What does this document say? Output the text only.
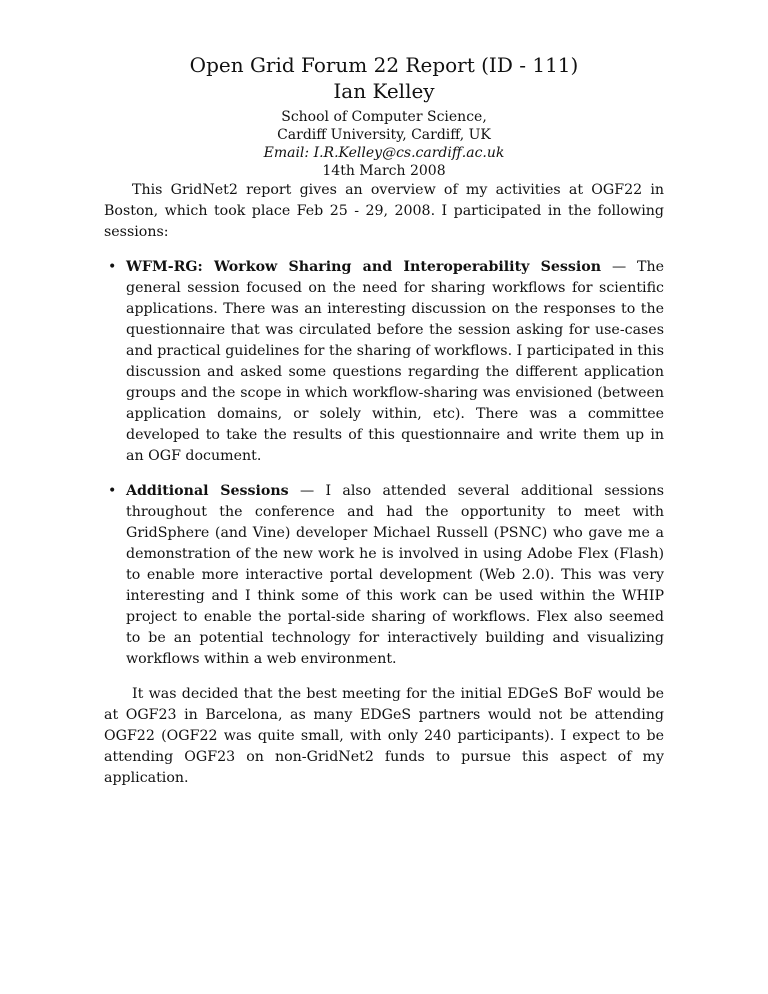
Open Grid Forum 22 Report (ID - 111)
Ian Kelley
School of Computer Science,
Cardiff University, Cardiff, UK
Email: I.R.Kelley@cs.cardiff.ac.uk
14th March 2008

This GridNet2 report gives an overview of my activities at OGF22 in Boston, which took place Feb 25 - 29, 2008. I participated in the following sessions:

• WFM-RG: Workow Sharing and Interoperability Session — The general session focused on the need for sharing workflows for scientific applications. There was an interesting discussion on the responses to the questionnaire that was circulated before the session asking for use-cases and practical guidelines for the sharing of workflows. I participated in this discussion and asked some questions regarding the different application groups and the scope in which workflow-sharing was envisioned (between application domains, or solely within, etc). There was a committee developed to take the results of this questionnaire and write them up in an OGF document.
• Additional Sessions — I also attended several additional sessions throughout the conference and had the opportunity to meet with GridSphere (and Vine) developer Michael Russell (PSNC) who gave me a demonstration of the new work he is involved in using Adobe Flex (Flash) to enable more interactive portal development (Web 2.0). This was very interesting and I think some of this work can be used within the WHIP project to enable the portal-side sharing of workflows. Flex also seemed to be an potential technology for interactively building and visualizing workflows within a web environment.

It was decided that the best meeting for the initial EDGeS BoF would be at OGF23 in Barcelona, as many EDGeS partners would not be attending OGF22 (OGF22 was quite small, with only 240 participants). I expect to be attending OGF23 on non-GridNet2 funds to pursue this aspect of my application.
